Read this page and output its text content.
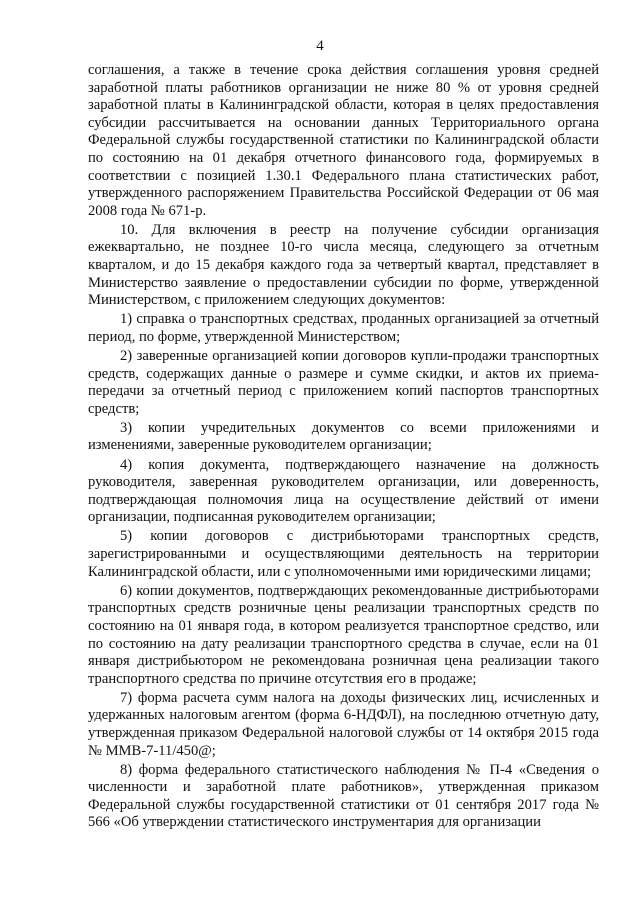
4

соглашения, а также в течение срока действия соглашения уровня средней заработной платы работников организации не ниже 80 % от уровня средней заработной платы в Калининградской области, которая в целях предоставления субсидии рассчитывается на основании данных Территориального органа Федеральной службы государственной статистики по Калининградской области по состоянию на 01 декабря отчетного финансового года, формируемых в соответствии с позицией 1.30.1 Федерального плана статистических работ, утвержденного распоряжением Правительства Российской Федерации от 06 мая 2008 года № 671-р.

10. Для включения в реестр на получение субсидии организация ежеквартально, не позднее 10-го числа месяца, следующего за отчетным кварталом, и до 15 декабря каждого года за четвертый квартал, представляет в Министерство заявление о предоставлении субсидии по форме, утвержденной Министерством, с приложением следующих документов:

1) справка о транспортных средствах, проданных организацией за отчетный период, по форме, утвержденной Министерством;

2) заверенные организацией копии договоров купли-продажи транспортных средств, содержащих данные о размере и сумме скидки, и актов их приема-передачи за отчетный период с приложением копий паспортов транспортных средств;

3) копии учредительных документов со всеми приложениями и изменениями, заверенные руководителем организации;

4) копия документа, подтверждающего назначение на должность руководителя, заверенная руководителем организации, или доверенность, подтверждающая полномочия лица на осуществление действий от имени организации, подписанная руководителем организации;

5) копии договоров с дистрибьюторами транспортных средств, зарегистрированными и осуществляющими деятельность на территории Калининградской области, или с уполномоченными ими юридическими лицами;

6) копии документов, подтверждающих рекомендованные дистрибьюторами транспортных средств розничные цены реализации транспортных средств по состоянию на 01 января года, в котором реализуется транспортное средство, или по состоянию на дату реализации транспортного средства в случае, если на 01 января дистрибьютором не рекомендована розничная цена реализации такого транспортного средства по причине отсутствия его в продаже;

7) форма расчета сумм налога на доходы физических лиц, исчисленных и удержанных налоговым агентом (форма 6-НДФЛ), на последнюю отчетную дату, утвержденная приказом Федеральной налоговой службы от 14 октября 2015 года № ММВ-7-11/450@;

8) форма федерального статистического наблюдения № П-4 «Сведения о численности и заработной плате работников», утвержденная приказом Федеральной службы государственной статистики от 01 сентября 2017 года № 566 «Об утверждении статистического инструментария для организации
